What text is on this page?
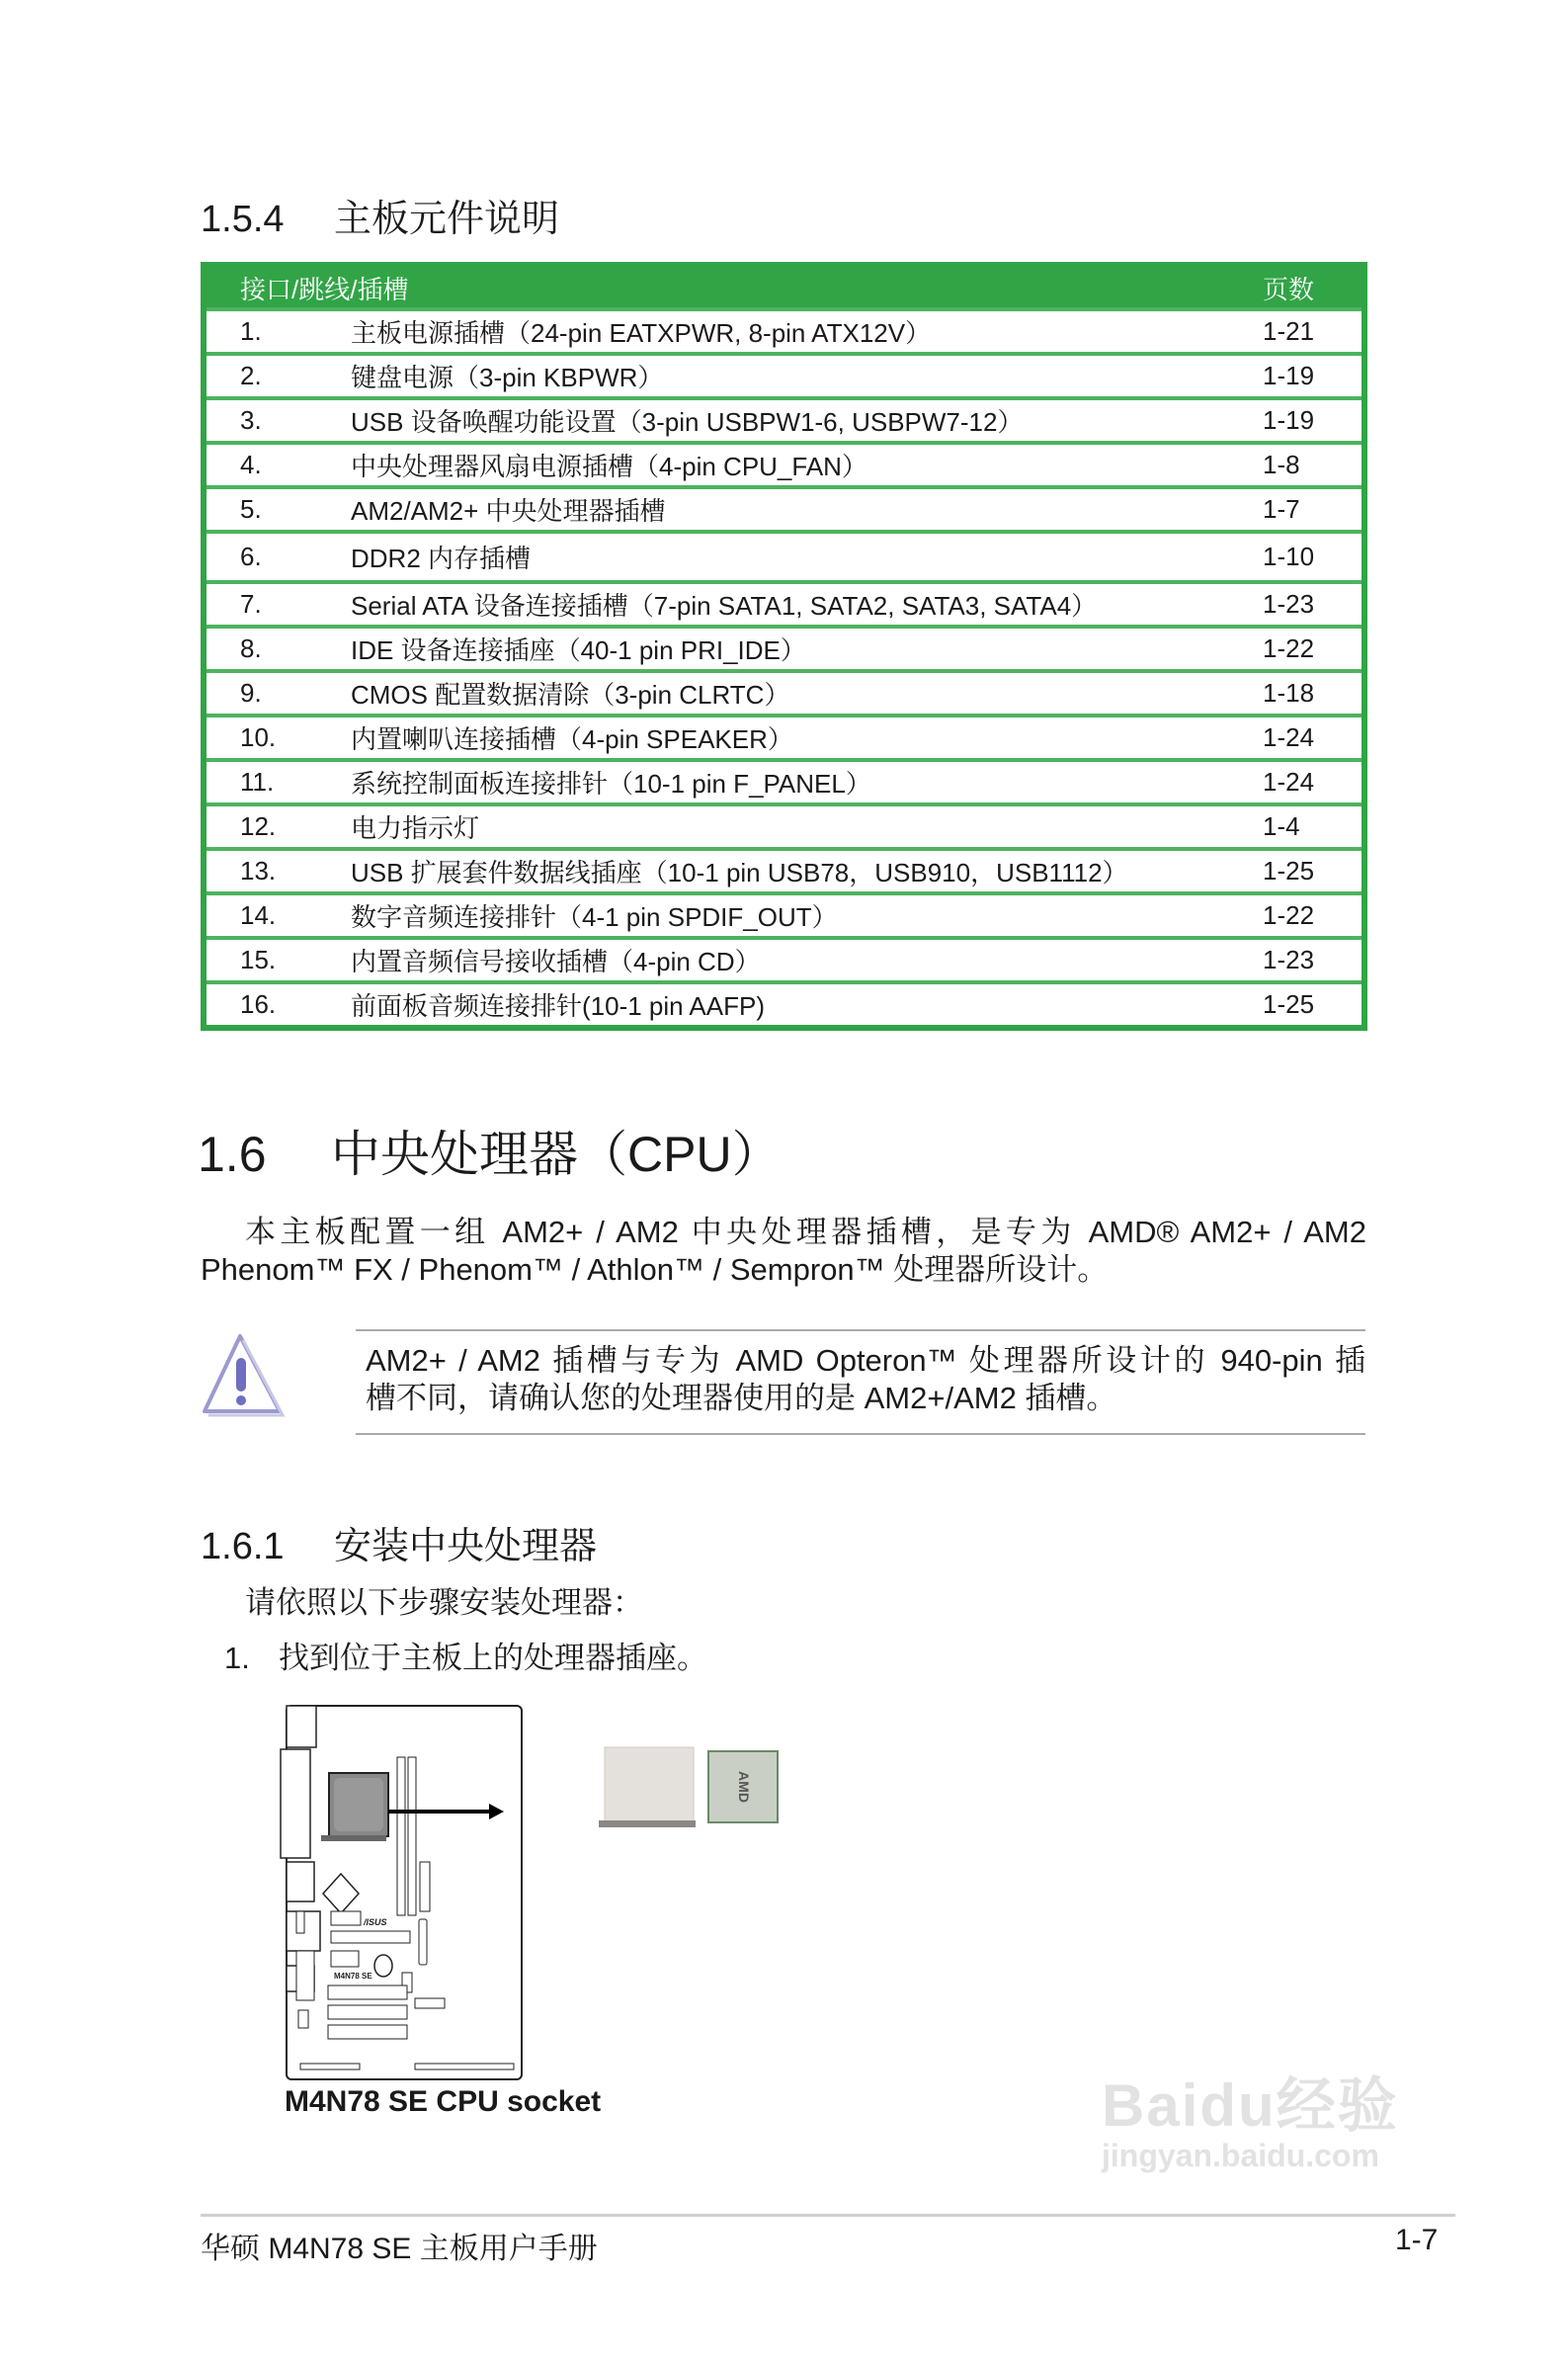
1.5.4 主板元件说明
接口/跳线/插槽	页数
1.	主板电源插槽（24-pin EATXPWR, 8-pin ATX12V）	1-21
2.	键盘电源（3-pin KBPWR）	1-19
3.	USB 设备唤醒功能设置（3-pin USBPW1-6, USBPW7-12）	1-19
4.	中央处理器风扇电源插槽（4-pin CPU_FAN）	1-8
5.	AM2/AM2+ 中央处理器插槽	1-7
6.	DDR2 内存插槽	1-10
7.	Serial ATA 设备连接插槽（7-pin SATA1, SATA2, SATA3, SATA4）	1-23
8.	IDE 设备连接插座（40-1 pin PRI_IDE）	1-22
9.	CMOS 配置数据清除（3-pin CLRTC）	1-18
10.	内置喇叭连接插槽（4-pin SPEAKER）	1-24
11.	系统控制面板连接排针（10-1 pin F_PANEL）	1-24
12.	电力指示灯	1-4
13.	USB 扩展套件数据线插座（10-1 pin USB78，USB910，USB1112）	1-25
14.	数字音频连接排针（4-1 pin SPDIF_OUT）	1-22
15.	内置音频信号接收插槽（4-pin CD）	1-23
16.	前面板音频连接排针(10-1 pin AAFP)	1-25
1.6 中央处理器（CPU）
本主板配置一组 AM2+ / AM2 中央处理器插槽，是专为 AMD® AM2+ / AM2
Phenom™ FX / Phenom™ / Athlon™ / Sempron™ 处理器所设计。
AM2+ / AM2 插槽与专为 AMD Opteron™ 处理器所设计的 940-pin 插
槽不同，请确认您的处理器使用的是 AM2+/AM2 插槽。
1.6.1 安装中央处理器
请依照以下步骤安装处理器：
1. 找到位于主板上的处理器插座。
/ISUS
M4N78 SE
AMD
M4N78 SE CPU socket	Baidu经验
jingyan.baidu.com
华硕 M4N78 SE 主板用户手册	1-7
